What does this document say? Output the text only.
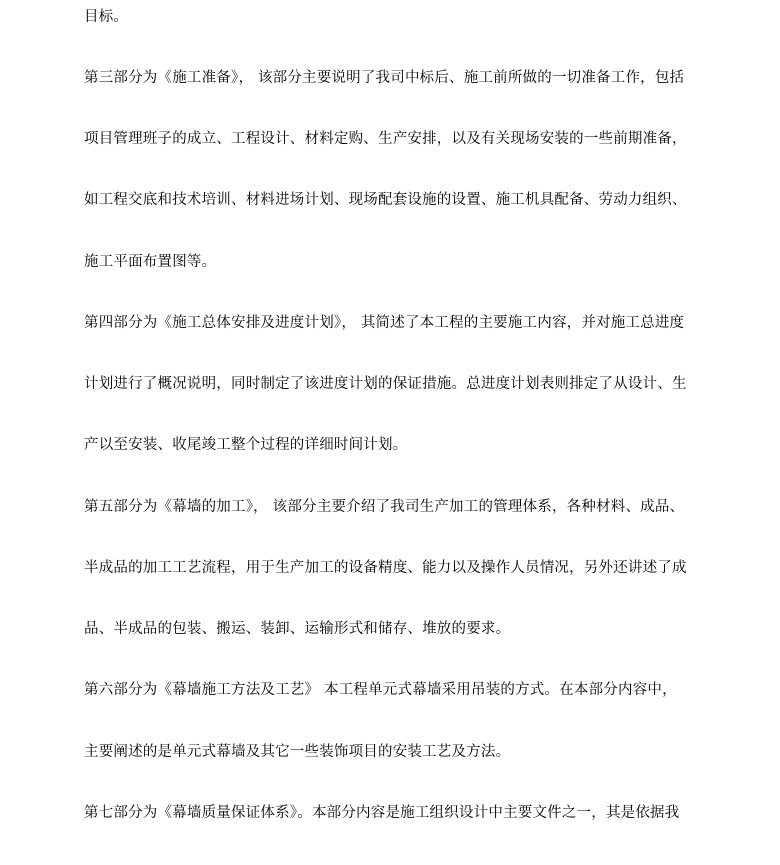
目标。
第三部分为《施工准备》， 该部分主要说明了我司中标后、施工前所做的一切准备工作，包括
项目管理班子的成立、工程设计、材料定购、生产安排，以及有关现场安装的一些前期准备，
如工程交底和技术培训、材料进场计划、现场配套设施的设置、施工机具配备、劳动力组织、
施工平面布置图等。
第四部分为《施工总体安排及进度计划》， 其简述了本工程的主要施工内容，并对施工总进度
计划进行了概况说明，同时制定了该进度计划的保证措施。总进度计划表则排定了从设计、生
产以至安装、收尾竣工整个过程的详细时间计划。
第五部分为《幕墙的加工》， 该部分主要介绍了我司生产加工的管理体系，各种材料、成品、
半成品的加工工艺流程，用于生产加工的设备精度、能力以及操作人员情况，另外还讲述了成
品、半成品的包装、搬运、装卸、运输形式和储存、堆放的要求。
第六部分为《幕墙施工方法及工艺》 本工程单元式幕墙采用吊装的方式。在本部分内容中，
主要阐述的是单元式幕墙及其它一些装饰项目的安装工艺及方法。
第七部分为《幕墙质量保证体系》。本部分内容是施工组织设计中主要文件之一，其是依据我
